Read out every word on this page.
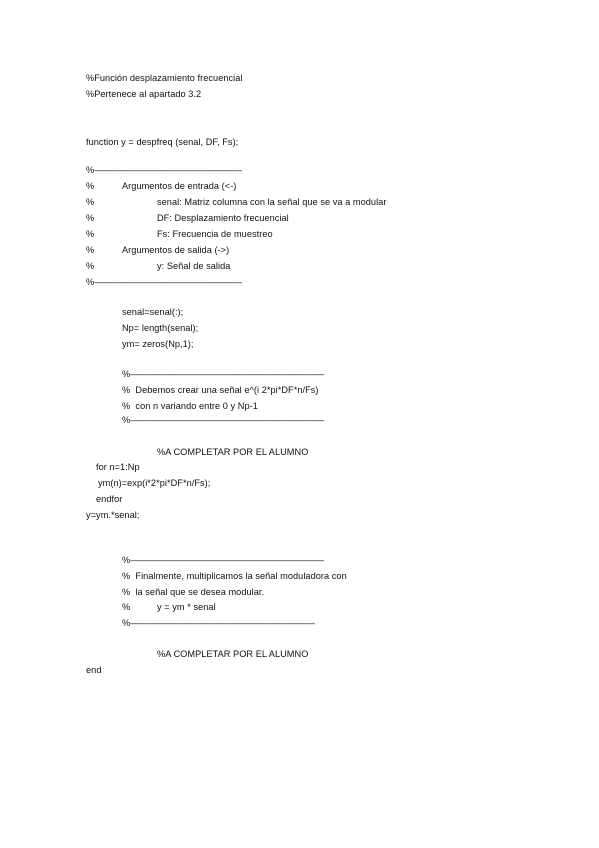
%Función desplazamiento frecuencial
%Pertenece al apartado 3.2
function y = despfreq (senal, DF, Fs);
%————————————————
%	Argumentos de entrada (<-)
%	senal: Matriz columna con la señal que se va a modular
%	DF: Desplazamiento frecuencial
%	Fs: Frecuencia de muestreo
%	Argumentos de salida (->)
%	y: Señal de salida
%————————————————
senal=senal(:);
Np= length(senal);
ym= zeros(Np,1);
%—————————————————————
%  Debemos crear una señal e^(i 2*pi*DF*n/Fs)
%  con n variando entre 0 y Np-1
%—————————————————————
%A COMPLETAR POR EL ALUMNO
for n=1:Np
ym(n)=exp(i*2*pi*DF*n/Fs);
endfor
y=ym.*senal;
%—————————————————————
%  Finalmente, multiplicamos la señal moduladora con
%  la señal que se desea modular.
%	y = ym * senal
%————————————————————
%A COMPLETAR POR EL ALUMNO
end
